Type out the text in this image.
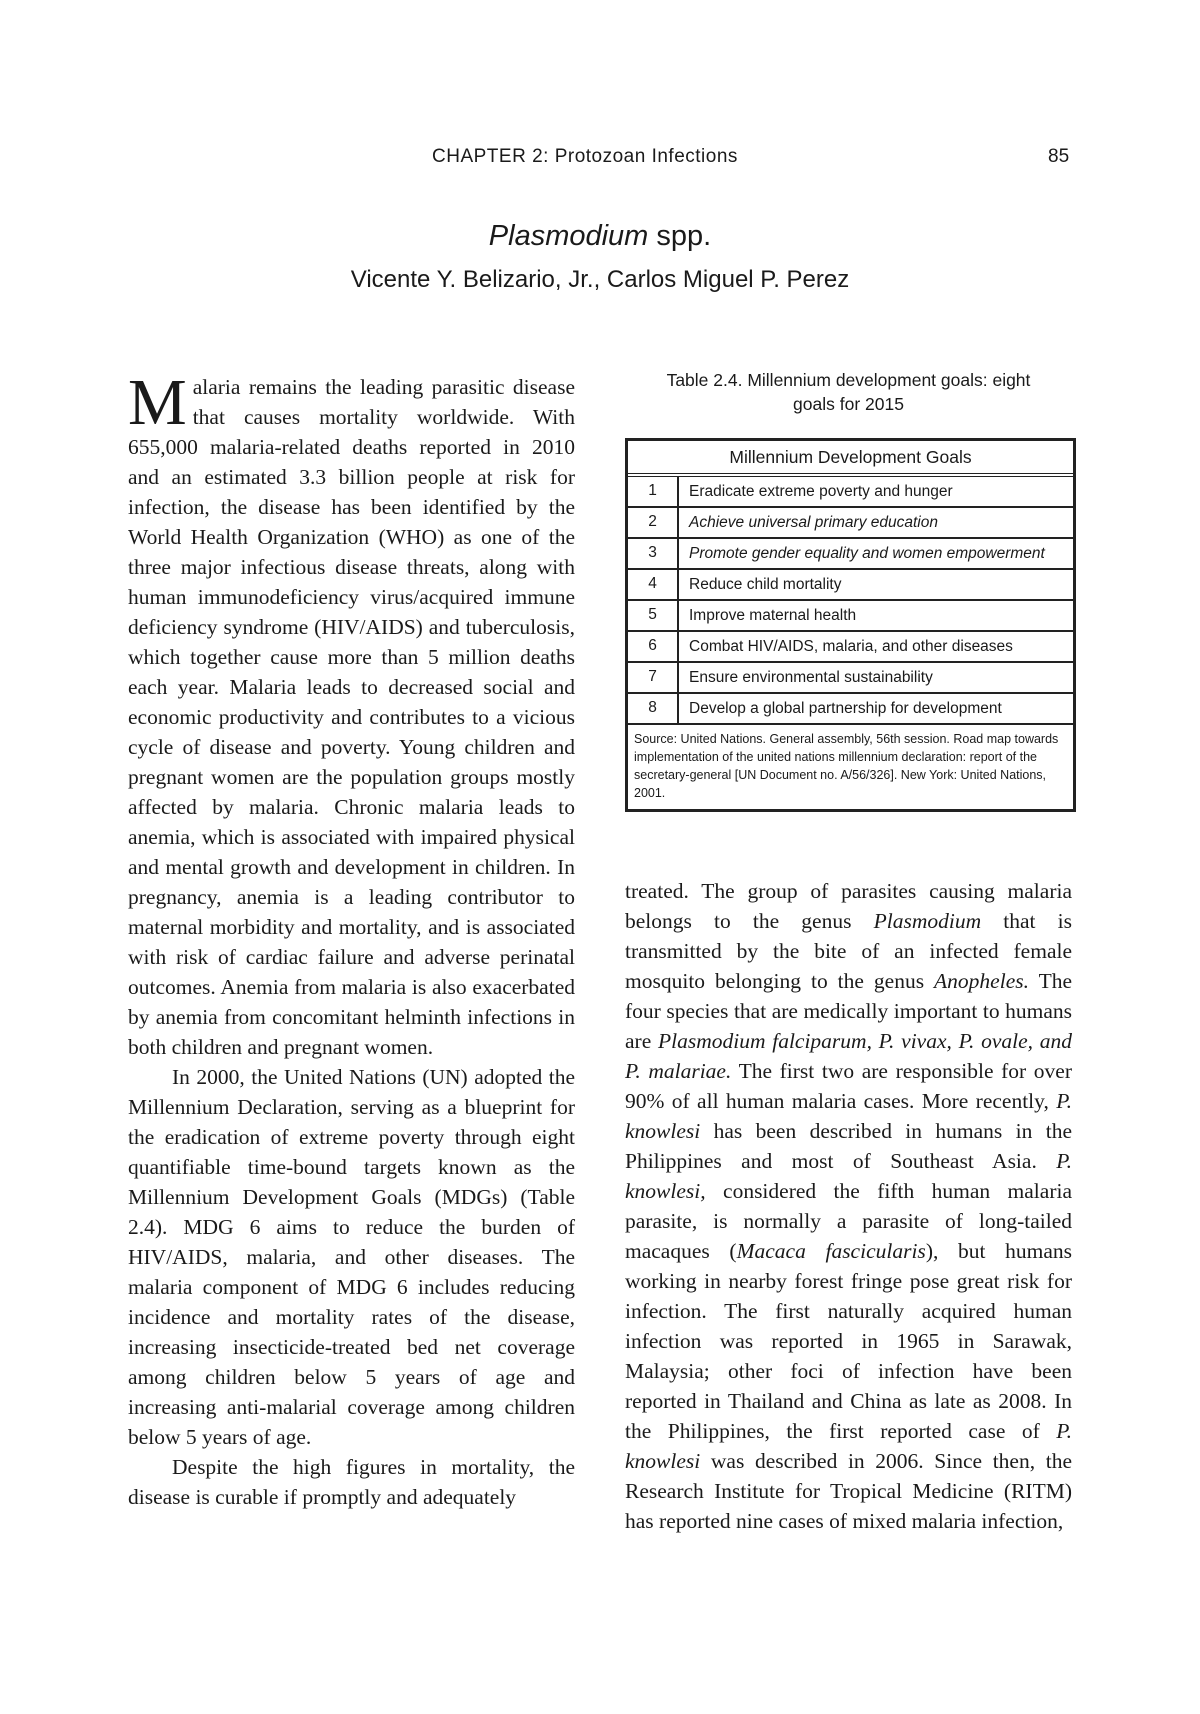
CHAPTER 2: Protozoan Infections	85
Plasmodium spp.
Vicente Y. Belizario, Jr., Carlos Miguel P. Perez

Malaria remains the leading parasitic disease that causes mortality worldwide. With 655,000 malaria-related deaths reported in 2010 and an estimated 3.3 billion people at risk for infection, the disease has been identified by the World Health Organization (WHO) as one of the three major infectious disease threats, along with human immunodeficiency virus/acquired immune deficiency syndrome (HIV/AIDS) and tuberculosis, which together cause more than 5 million deaths each year. Malaria leads to decreased social and economic productivity and contributes to a vicious cycle of disease and poverty. Young children and pregnant women are the population groups mostly affected by malaria. Chronic malaria leads to anemia, which is associated with impaired physical and mental growth and development in children. In pregnancy, anemia is a leading contributor to maternal morbidity and mortality, and is associated with risk of cardiac failure and adverse perinatal outcomes. Anemia from malaria is also exacerbated by anemia from concomitant helminth infections in both children and pregnant women.

In 2000, the United Nations (UN) adopted the Millennium Declaration, serving as a blueprint for the eradication of extreme poverty through eight quantifiable time-bound targets known as the Millennium Development Goals (MDGs) (Table 2.4). MDG 6 aims to reduce the burden of HIV/AIDS, malaria, and other diseases. The malaria component of MDG 6 includes reducing incidence and mortality rates of the disease, increasing insecticide-treated bed net coverage among children below 5 years of age and increasing anti-malarial coverage among children below 5 years of age.

Despite the high figures in mortality, the disease is curable if promptly and adequately

Table 2.4. Millennium development goals: eight
goals for 2015
Millennium Development Goals
1	Eradicate extreme poverty and hunger
2	Achieve universal primary education
3	Promote gender equality and women empowerment
4	Reduce child mortality
5	Improve maternal health
6	Combat HIV/AIDS, malaria, and other diseases
7	Ensure environmental sustainability
8	Develop a global partnership for development
Source: United Nations. General assembly, 56th session. Road map towards implementation of the united nations millennium declaration: report of the secretary-general [UN Document no. A/56/326]. New York: United Nations, 2001.

treated. The group of parasites causing malaria belongs to the genus Plasmodium that is transmitted by the bite of an infected female mosquito belonging to the genus Anopheles. The four species that are medically important to humans are Plasmodium falciparum, P. vivax, P. ovale, and P. malariae. The first two are responsible for over 90% of all human malaria cases. More recently, P. knowlesi has been described in humans in the Philippines and most of Southeast Asia. P. knowlesi, considered the fifth human malaria parasite, is normally a parasite of long-tailed macaques (Macaca fascicularis), but humans working in nearby forest fringe pose great risk for infection. The first naturally acquired human infection was reported in 1965 in Sarawak, Malaysia; other foci of infection have been reported in Thailand and China as late as 2008. In the Philippines, the first reported case of P. knowlesi was described in 2006. Since then, the Research Institute for Tropical Medicine (RITM) has reported nine cases of mixed malaria infection,
